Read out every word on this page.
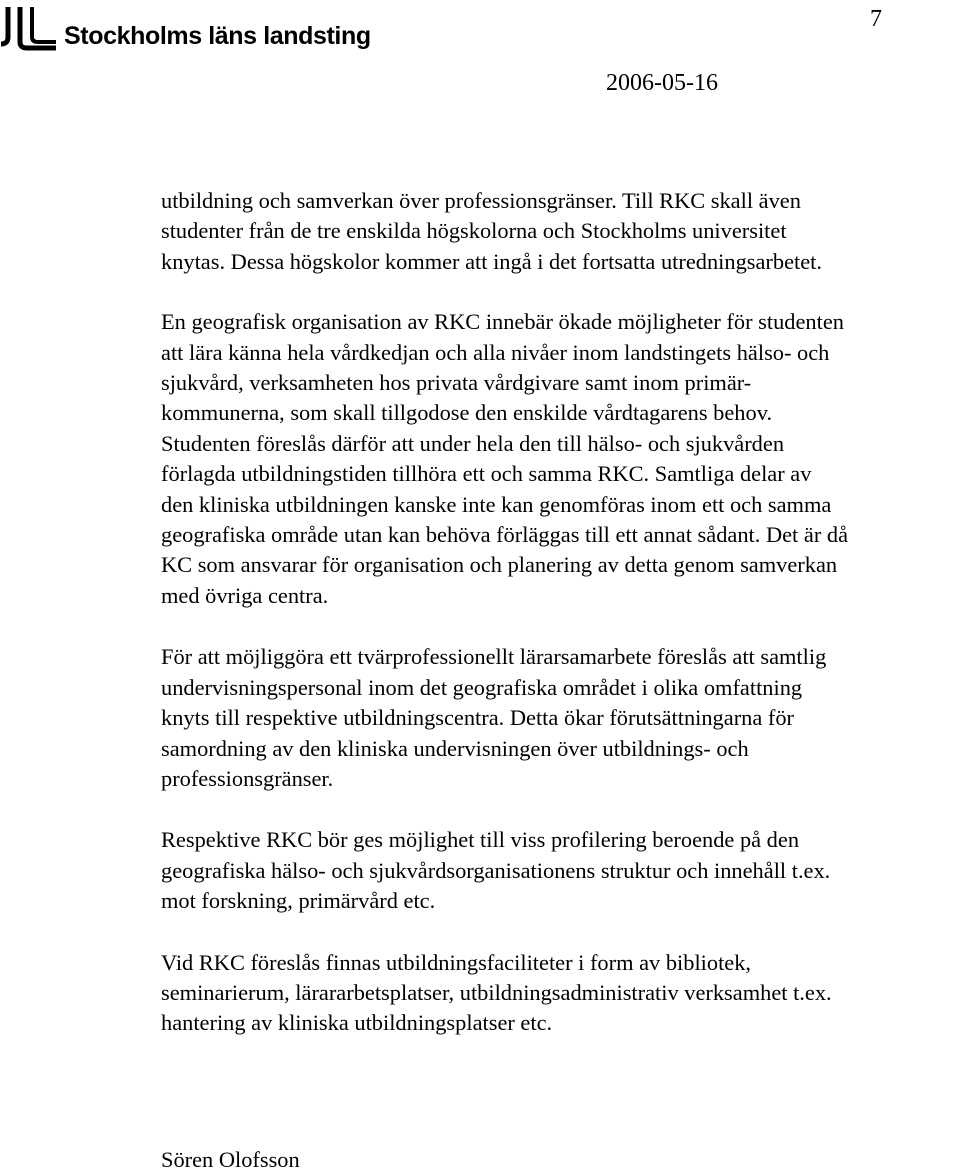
Stockholms läns landsting
7
2006-05-16

utbildning och samverkan över professionsgränser. Till RKC skall även
studenter från de tre enskilda högskolorna och Stockholms universitet
knytas. Dessa högskolor kommer att ingå i det fortsatta utredningsarbetet.

En geografisk organisation av RKC innebär ökade möjligheter för studenten
att lära känna hela vårdkedjan och alla nivåer inom landstingets hälso- och
sjukvård, verksamheten hos privata vårdgivare samt inom primär-
kommunerna, som skall tillgodose den enskilde vårdtagarens behov.
Studenten föreslås därför att under hela den till hälso- och sjukvården
förlagda utbildningstiden tillhöra ett och samma RKC. Samtliga delar av
den kliniska utbildningen kanske inte kan genomföras inom ett och samma
geografiska område utan kan behöva förläggas till ett annat sådant. Det är då
KC som ansvarar för organisation och planering av detta genom samverkan
med övriga centra.

För att möjliggöra ett tvärprofessionellt lärarsamarbete föreslås att samtlig
undervisningspersonal inom det geografiska området i olika omfattning
knyts till respektive utbildningscentra. Detta ökar förutsättningarna för
samordning av den kliniska undervisningen över utbildnings- och
professionsgränser.

Respektive RKC bör ges möjlighet till viss profilering beroende på den
geografiska hälso- och sjukvårdsorganisationens struktur och innehåll t.ex.
mot forskning, primärvård etc.

Vid RKC föreslås finnas utbildningsfaciliteter i form av bibliotek,
seminarierum, lärararbetsplatser, utbildningsadministrativ verksamhet t.ex.
hantering av kliniska utbildningsplatser etc.

Sören Olofsson
